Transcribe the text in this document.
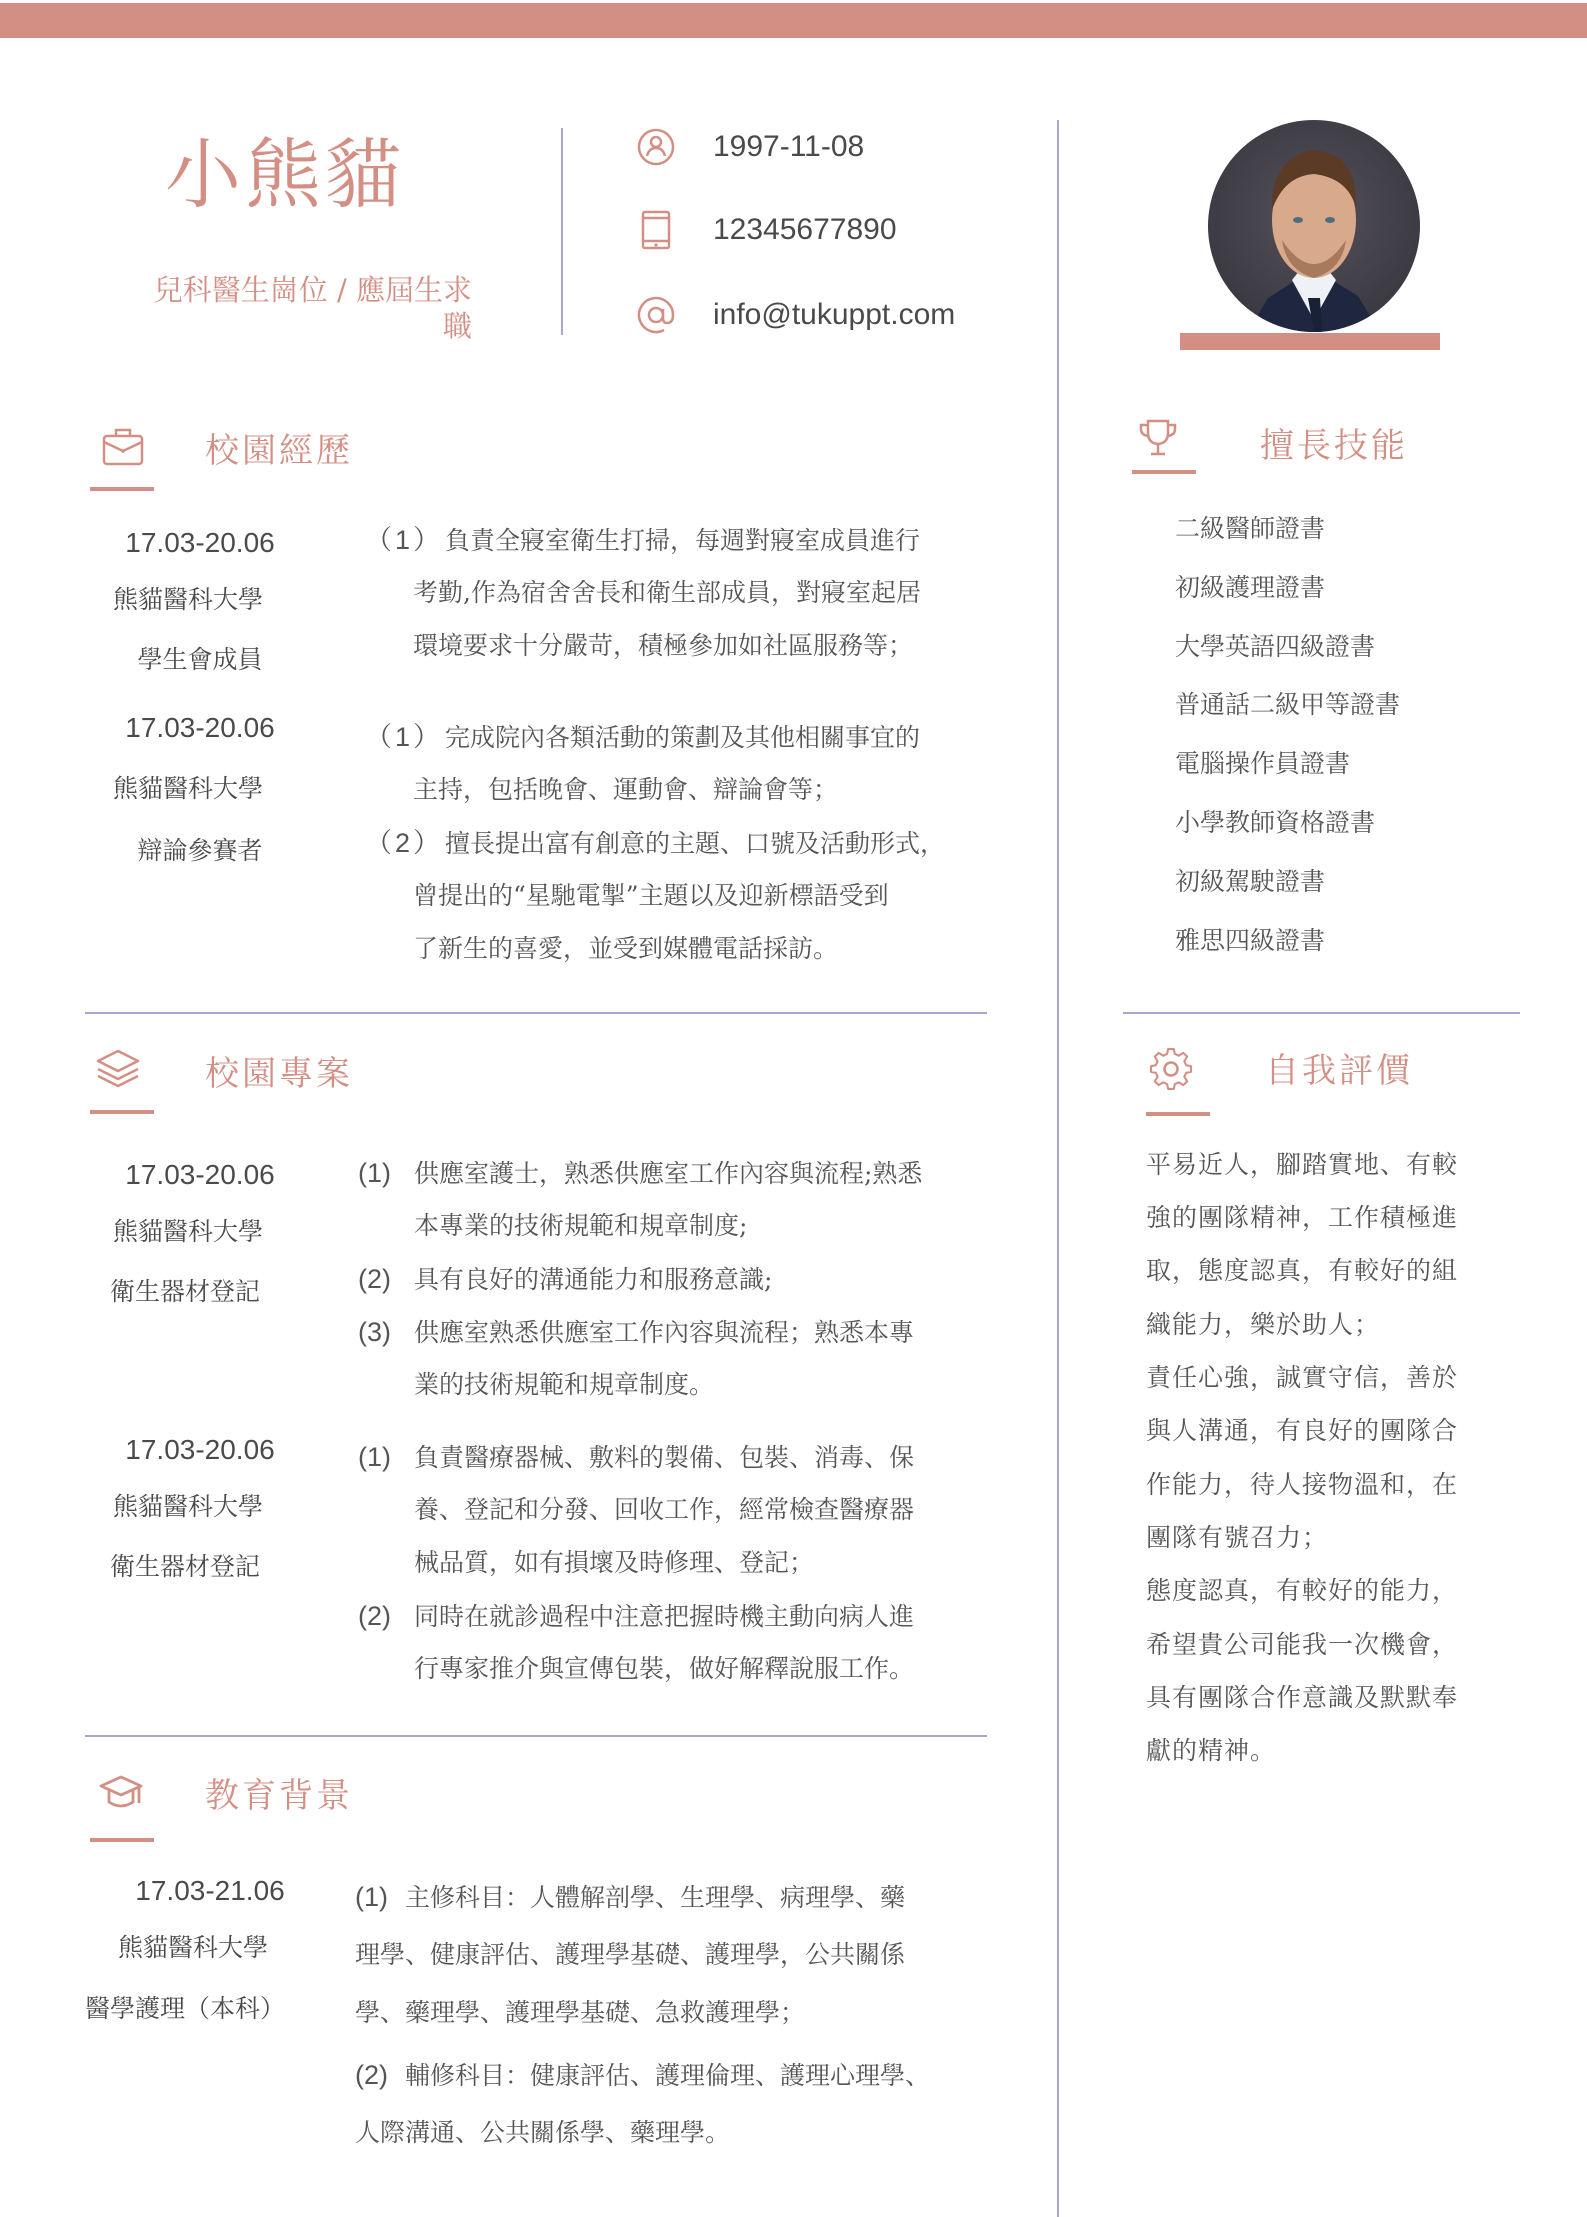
小熊貓
兒科醫生崗位 / 應屆生求
職
1997-11-08
12345677890
info@tukuppt.com
校園經歷
17.03-20.06
熊貓醫科大學
學生會成員
（1）負責全寢室衛生打掃，每週對寢室成員進行
考勤,作為宿舍舍長和衛生部成員，對寢室起居
環境要求十分嚴苛，積極參加如社區服務等；
17.03-20.06
熊貓醫科大學
辯論參賽者
（1）完成院內各類活動的策劃及其他相關事宜的
主持，包括晚會、運動會、辯論會等；
（2）擅長提出富有創意的主題、口號及活動形式，
曾提出的“星馳電掣”主題以及迎新標語受到
了新生的喜愛，並受到媒體電話採訪。
校園專案
17.03-20.06
熊貓醫科大學
衛生器材登記
(1) 供應室護士，熟悉供應室工作內容與流程;熟悉
本專業的技術規範和規章制度;
(2) 具有良好的溝通能力和服務意識;
(3) 供應室熟悉供應室工作內容與流程；熟悉本專
業的技術規範和規章制度。
17.03-20.06
熊貓醫科大學
衛生器材登記
(1) 負責醫療器械、敷料的製備、包裝、消毒、保
養、登記和分發、回收工作，經常檢查醫療器
械品質，如有損壞及時修理、登記；
(2) 同時在就診過程中注意把握時機主動向病人進
行專家推介與宣傳包裝，做好解釋說服工作。
教育背景
17.03-21.06
熊貓醫科大學
醫學護理（本科）
(1) 主修科目：人體解剖學、生理學、病理學、藥
理學、健康評估、護理學基礎、護理學，公共關係
學、藥理學、護理學基礎、急救護理學；
(2) 輔修科目：健康評估、護理倫理、護理心理學、
人際溝通、公共關係學、藥理學。
擅長技能
二級醫師證書
初級護理證書
大學英語四級證書
普通話二級甲等證書
電腦操作員證書
小學教師資格證書
初級駕駛證書
雅思四級證書
自我評價
平易近人，腳踏實地、有較
強的團隊精神，工作積極進
取，態度認真，有較好的組
織能力，樂於助人；
責任心強，誠實守信，善於
與人溝通，有良好的團隊合
作能力，待人接物溫和，在
團隊有號召力；
態度認真，有較好的能力，
希望貴公司能我一次機會，
具有團隊合作意識及默默奉
獻的精神。
